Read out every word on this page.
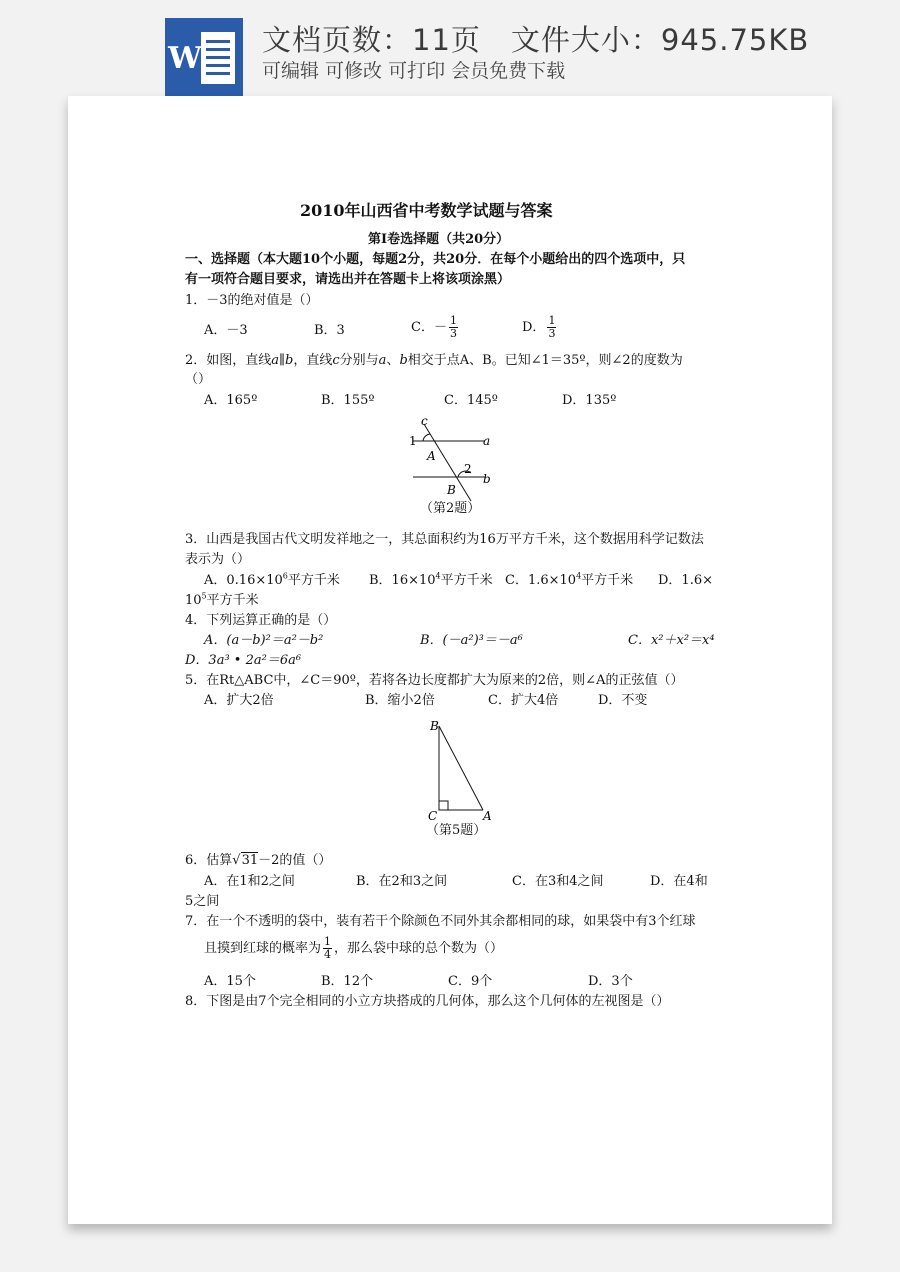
W
文档页数：11页　文件大小：945.75KB
可编辑 可修改 可打印 会员免费下载
2010年山西省中考数学试题与答案
第Ⅰ卷选择题（共20分）
一、选择题（本大题10个小题，每题2分，共20分．在每个小题给出的四个选项中，只
有一项符合题目要求，请选出并在答题卡上将该项涂黑）
1．－3的绝对值是（）
A．－3	B．3	C．－ $\frac{1}{3}$	D． $\frac{1}{3}$
2．如图，直线a∥b，直线c分别与a、b相交于点A、B。已知∠1＝35º，则∠2的度数为
（）
A．165º	B．155º	C．145º	D．135º
c
1	a
A
2
b
B
（第2题）
3．山西是我国古代文明发祥地之一，其总面积约为16万平方千米，这个数据用科学记数法
表示为（）
A．$0.16\times 10^6$平方千米 B．$16\times 10^4$平方千米 C．$1.6\times 10^4$平方千米 D．1.6×
$10^5$平方千米
4．下列运算正确的是（）
A．(a－b)²＝a²－b²	B．(－a²)³＝－a⁶	C．x²＋x²＝x⁴
D．3a³ • 2a²＝6a⁶
5．在Rt△ABC中，∠C＝90º，若将各边长度都扩大为原来的2倍，则∠A的正弦值（）
A．扩大2倍	B．缩小2倍	C．扩大4倍	D．不变
B
C	A
（第5题）
6．估算√31－2的值（）
A．在1和2之间	B．在2和3之间	C．在3和4之间	D．在4和
5之间
7．在一个不透明的袋中，装有若干个除颜色不同外其余都相同的球，如果袋中有3个红球
且摸到红球的概率为 $\frac{1}{4}$ ，那么袋中球的总个数为（）
A．15个	B．12个	C．9个	D．3个
8．下图是由7个完全相同的小立方块搭成的几何体，那么这个几何体的左视图是（）
